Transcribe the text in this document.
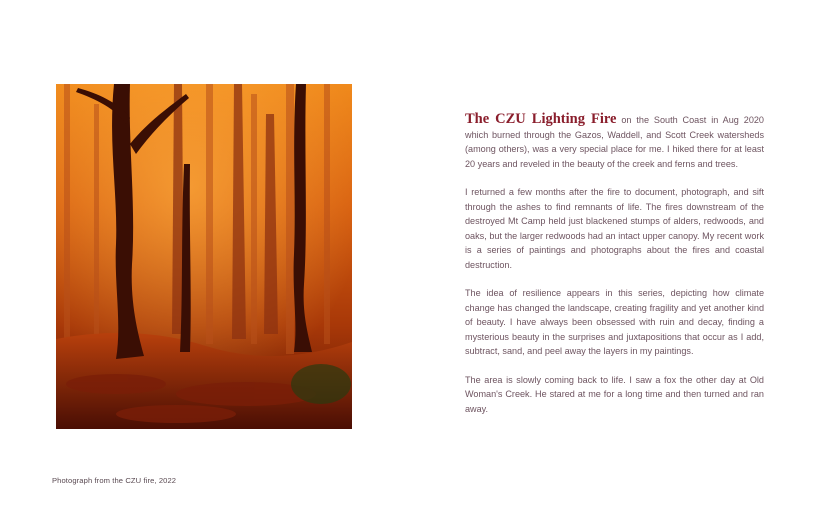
Photograph from the CZU fire, 2022

The CZU Lighting Fire on the South Coast in Aug 2020 which burned through the Gazos, Waddell, and Scott Creek watersheds (among others), was a very special place for me. I hiked there for at least 20 years and reveled in the beauty of the creek and ferns and trees.

I returned a few months after the fire to document, photograph, and sift through the ashes to find remnants of life. The fires downstream of the destroyed Mt Camp held just blackened stumps of alders, redwoods, and oaks, but the larger redwoods had an intact upper canopy. My recent work is a series of paintings and photographs about the fires and coastal destruction.

The idea of resilience appears in this series, depicting how climate change has changed the landscape, creating fragility and yet another kind of beauty. I have always been obsessed with ruin and decay, finding a mysterious beauty in the surprises and juxtapositions that occur as I add, subtract, sand, and peel away the layers in my paintings.

The area is slowly coming back to life. I saw a fox the other day at Old Woman's Creek. He stared at me for a long time and then turned and ran away.
